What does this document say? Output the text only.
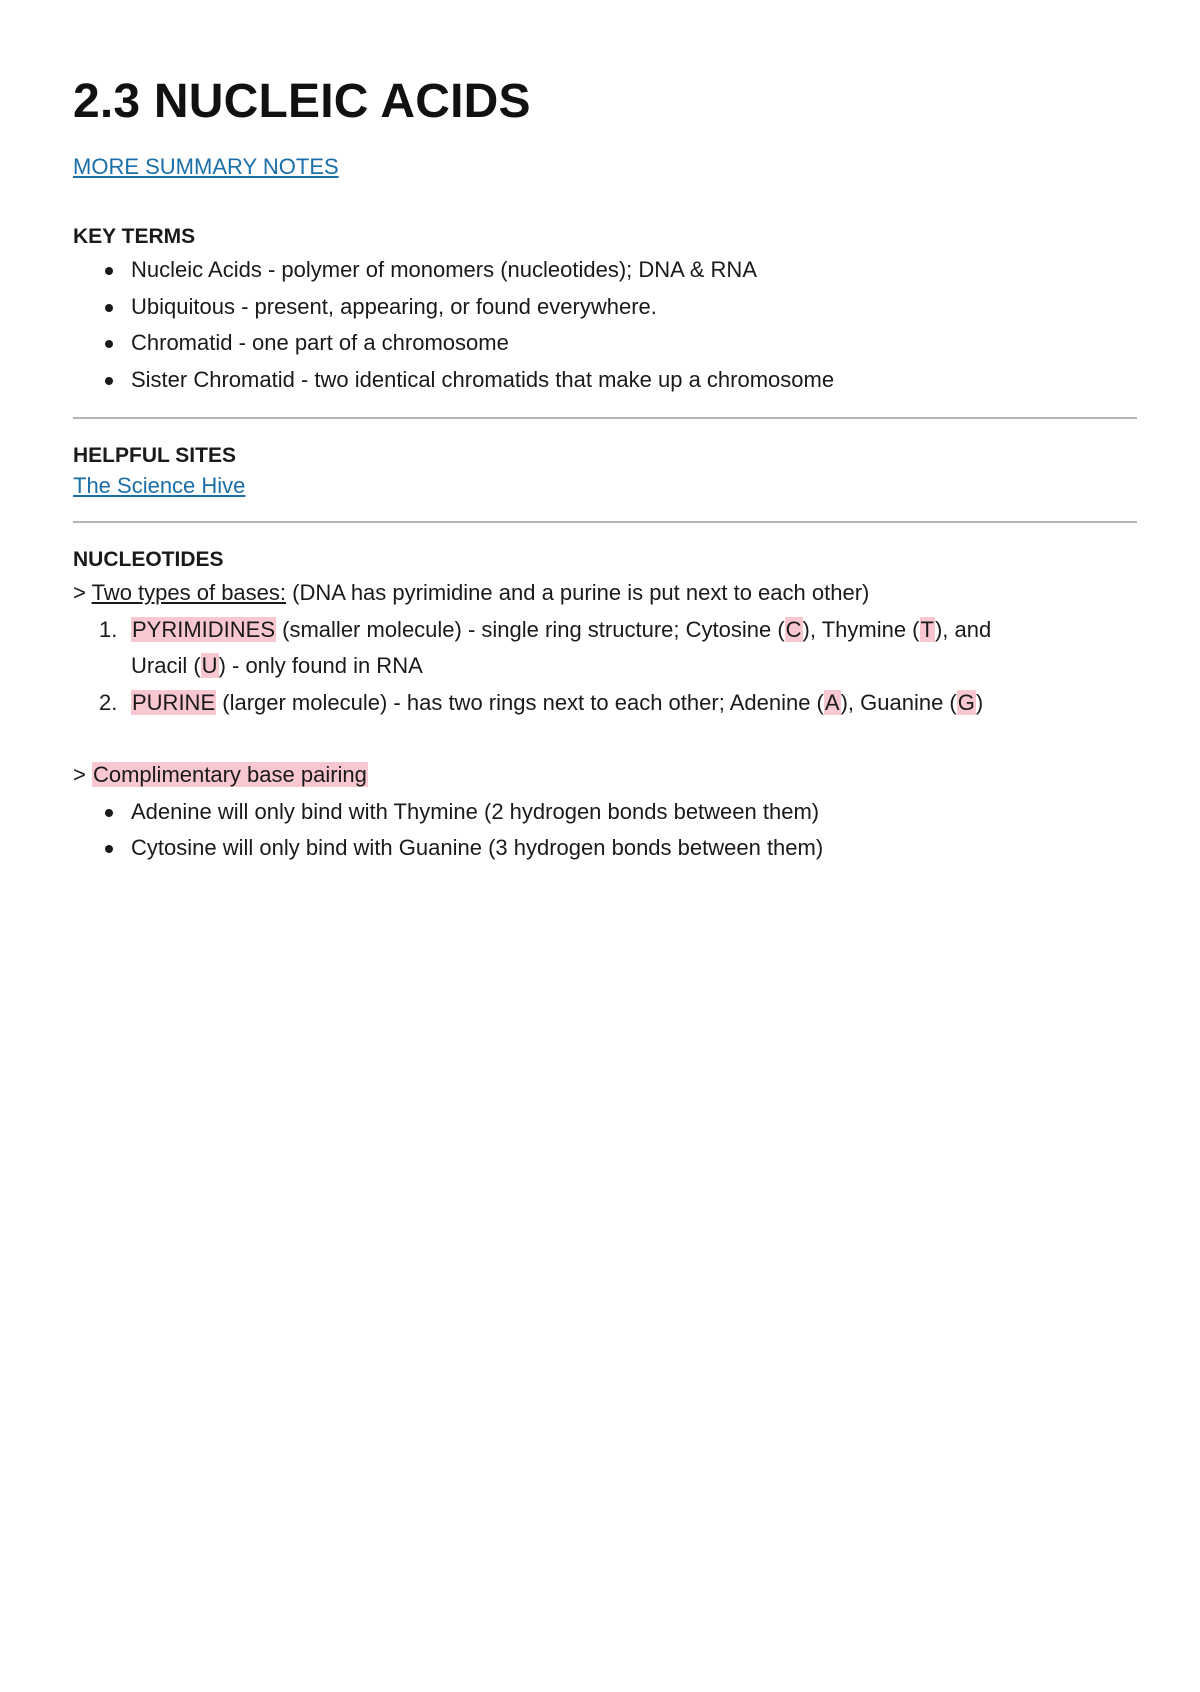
2.3 NUCLEIC ACIDS
MORE SUMMARY NOTES
KEY TERMS
Nucleic Acids - polymer of monomers (nucleotides); DNA & RNA
Ubiquitous - present, appearing, or found everywhere.
Chromatid - one part of a chromosome
Sister Chromatid - two identical chromatids that make up a chromosome
HELPFUL SITES
The Science Hive
NUCLEOTIDES
> Two types of bases: (DNA has pyrimidine and a purine is put next to each other)
1. PYRIMIDINES (smaller molecule) - single ring structure; Cytosine (C), Thymine (T), and
Uracil (U) - only found in RNA
2. PURINE (larger molecule) - has two rings next to each other; Adenine (A), Guanine (G)
> Complimentary base pairing
Adenine will only bind with Thymine (2 hydrogen bonds between them)
Cytosine will only bind with Guanine (3 hydrogen bonds between them)
